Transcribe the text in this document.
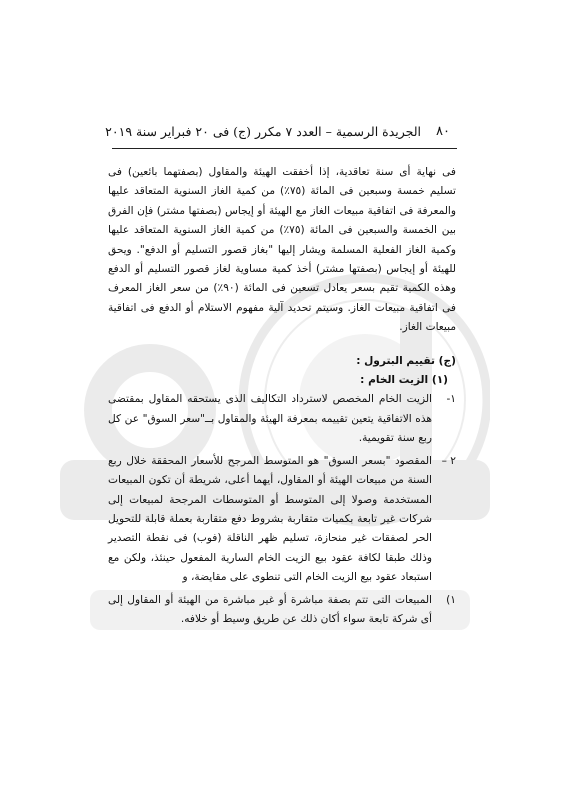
٨٠
الجريدة الرسمية – العدد ٧ مكرر (ج) فى ٢٠ فبراير سنة ٢٠١٩

فى نهاية أى سنة تعاقدية، إذا أخفقت الهيئة والمقاول (بصفتهما بائعين) فى تسليم خمسة وسبعين فى المائة (٧٥٪) من كمية الغاز السنوية المتعاقد عليها والمعرفة فى اتفاقية مبيعات الغاز مع الهيئة أو إيجاس (بصفتها مشتر) فإن الفرق بين الخمسة والسبعين فى المائة (٧٥٪) من كمية الغاز السنوية المتعاقد عليها وكمية الغاز الفعلية المسلمة ويشار إليها "بغاز قصور التسليم أو الدفع". ويحق للهيئة أو إيجاس (بصفتها مشتر) أخذ كمية مساوية لغاز قصور التسليم أو الدفع وهذه الكمية تقيم بسعر يعادل تسعين فى المائة (٩٠٪) من سعر الغاز المعرف فى اتفاقية مبيعات الغاز. وسيتم تحديد آلية مفهوم الاستلام أو الدفع فى اتفاقية مبيعات الغاز.

(ج) تقييم البترول :

(١) الزيت الخام :

١-
الزيت الخام المخصص لاسترداد التكاليف الذى يستحقه المقاول بمقتضى هذه الاتفاقية يتعين تقييمه بمعرفة الهيئة والمقاول بــ"سعر السوق" عن كل ربع سنة تقويمية.
٢ –
المقصود "بسعر السوق" هو المتوسط المرجح للأسعار المحققة خلال ربع السنة من مبيعات الهيئة أو المقاول، أيهما أعلى، شريطة أن تكون المبيعات المستخدمة وصولا إلى المتوسط أو المتوسطات المرجحة لمبيعات إلى شركات غير تابعة بكميات متقاربة بشروط دفع متقاربة بعملة قابلة للتحويل الحر لصفقات غير منحازة، تسليم ظهر الناقلة (فوب) فى نقطة التصدير وذلك طبقا لكافة عقود بيع الزيت الخام السارية المفعول حينئذ، ولكن مع استبعاد عقود بيع الزيت الخام التى تنطوى على مقايضة، و
١)
المبيعات التى تتم بصفة مباشرة أو غير مباشرة من الهيئة أو المقاول إلى أى شركة تابعة سواء أكان ذلك عن طريق وسيط أو خلافه.
